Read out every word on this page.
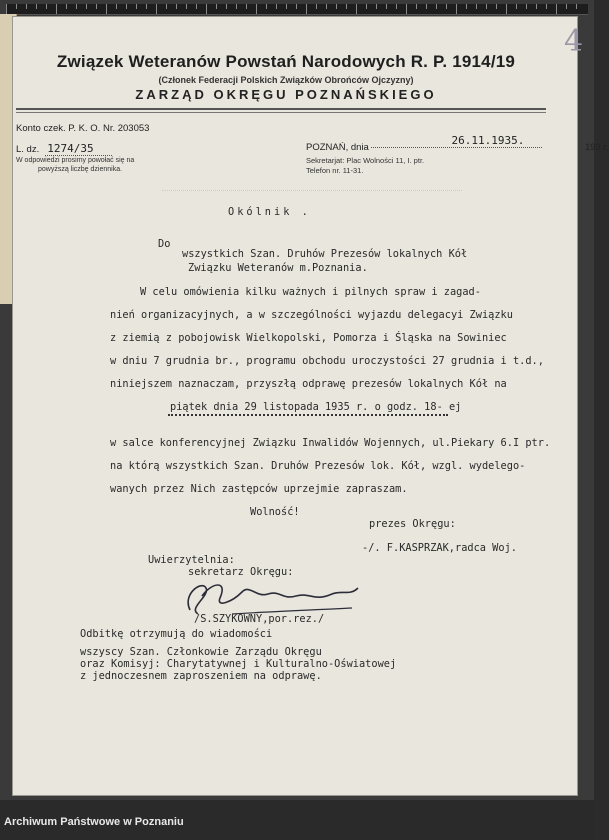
4
Związek Weteranów Powstań Narodowych R. P. 1914/19
(Członek Federacji Polskich Związków Obrońców Ojczyzny)
ZARZĄD OKRĘGU POZNAŃSKIEGO
Konto czek. P. K. O. Nr. 203053
L. dz. 1274/35
W odpowiedzi prosimy powołać się na
powyższą liczbę dziennika.
POZNAŃ, dnia 26.11.1935. 193 r.
Sekretarjat: Plac Wolności 11, I. ptr.
Telefon nr. 11-31.
Okólnik .
Do
wszystkich Szan. Druhów Prezesów lokalnych Kół
Związku Weteranów m.Poznania.
W celu omówienia kilku ważnych i pilnych spraw i zagad-
nień organizacyjnych, a w szczególności wyjazdu delegacyi Związku
z ziemią z pobojowisk Wielkopolski, Pomorza i Śląska na Sowiniec
w dniu 7 grudnia br., programu obchodu uroczystości 27 grudnia i t.d.,
niniejszem naznaczam, przyszłą odprawę prezesów lokalnych Kół na
piątek dnia 29 listopada 1935 r. o godz. 18- ej
w salce konferencyjnej Związku Inwalidów Wojennych, ul.Piekary 6.I ptr.
na którą wszystkich Szan. Druhów Prezesów lok. Kół, wzgl. wydelego-
wanych przez Nich zastępców uprzejmie zapraszam.
Wolność!
prezes Okręgu:
-/. F.KASPRZAK,radca Woj.
Uwierzytelnia:
sekretarz Okręgu:
/S.SZYKOWNY,por.rez./
Odbitkę otrzymują do wiadomości
wszyscy Szan. Członkowie Zarządu Okręgu
oraz Komisyj: Charytatywnej i Kulturalno-Oświatowej
z jednoczesnem zaproszeniem na odprawę.
Archiwum Państwowe w Poznaniu
